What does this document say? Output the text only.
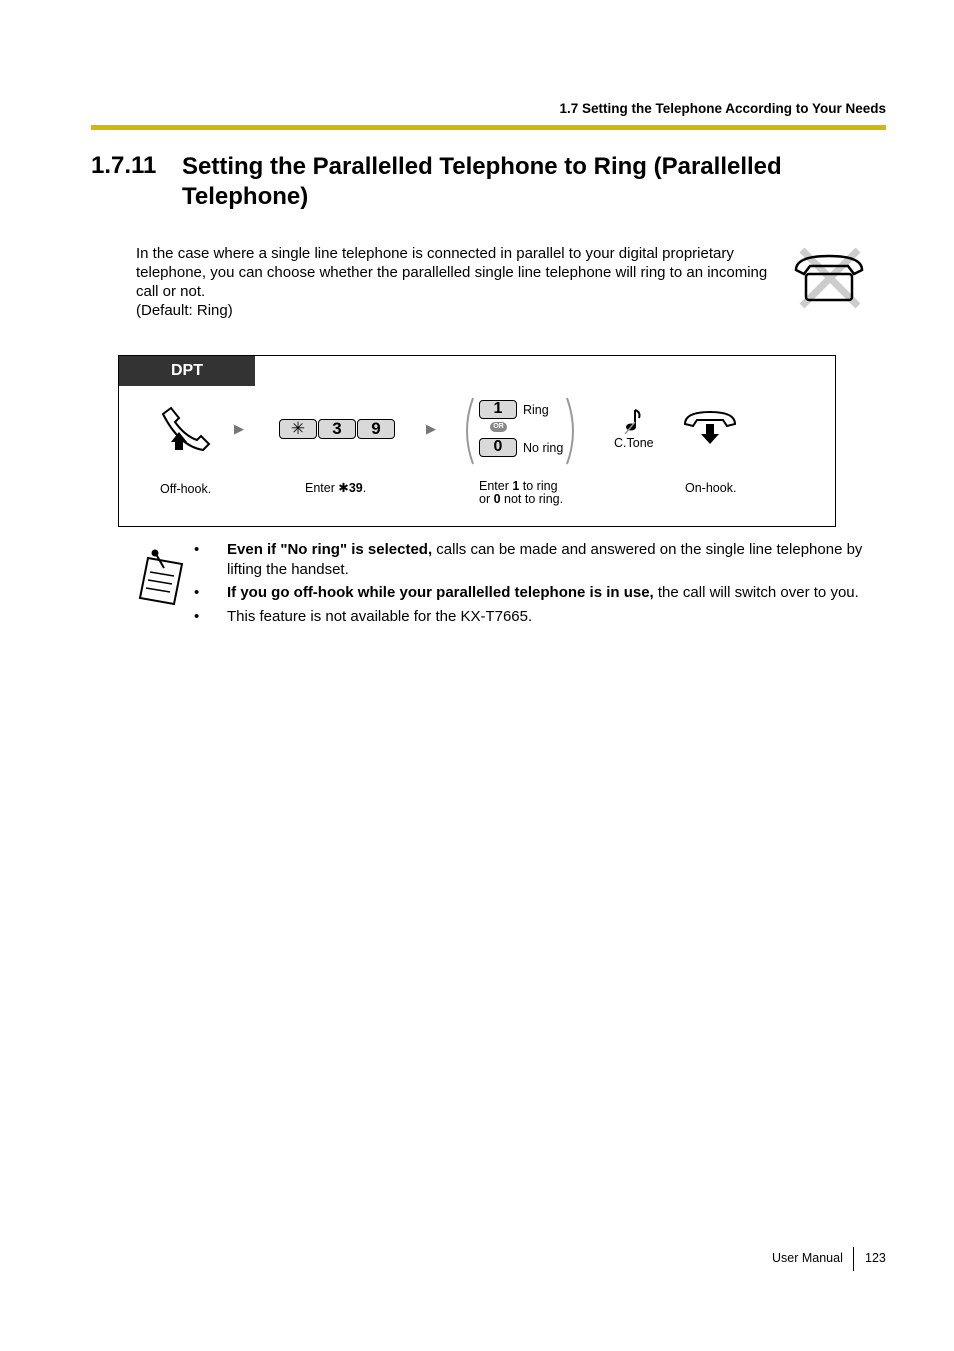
1.7 Setting the Telephone According to Your Needs
1.7.11 Setting the Parallelled Telephone to Ring (Parallelled Telephone)

In the case where a single line telephone is connected in parallel to your digital proprietary telephone, you can choose whether the parallelled single line telephone will ring to an incoming call or not.

(Default: Ring)

DPT
▶	✳ 3 9	▶
1	Ring
OR
0	No ring	C.Tone
Off-hook.	Enter ✱39.	Enter 1 to ring
or 0 not to ring.
On-hook.
• Even if "No ring" is selected, calls can be made and answered on the single line telephone by lifting the handset.
• If you go off-hook while your parallelled telephone is in use, the call will switch over to you.
• This feature is not available for the KX-T7665.
User Manual 123
